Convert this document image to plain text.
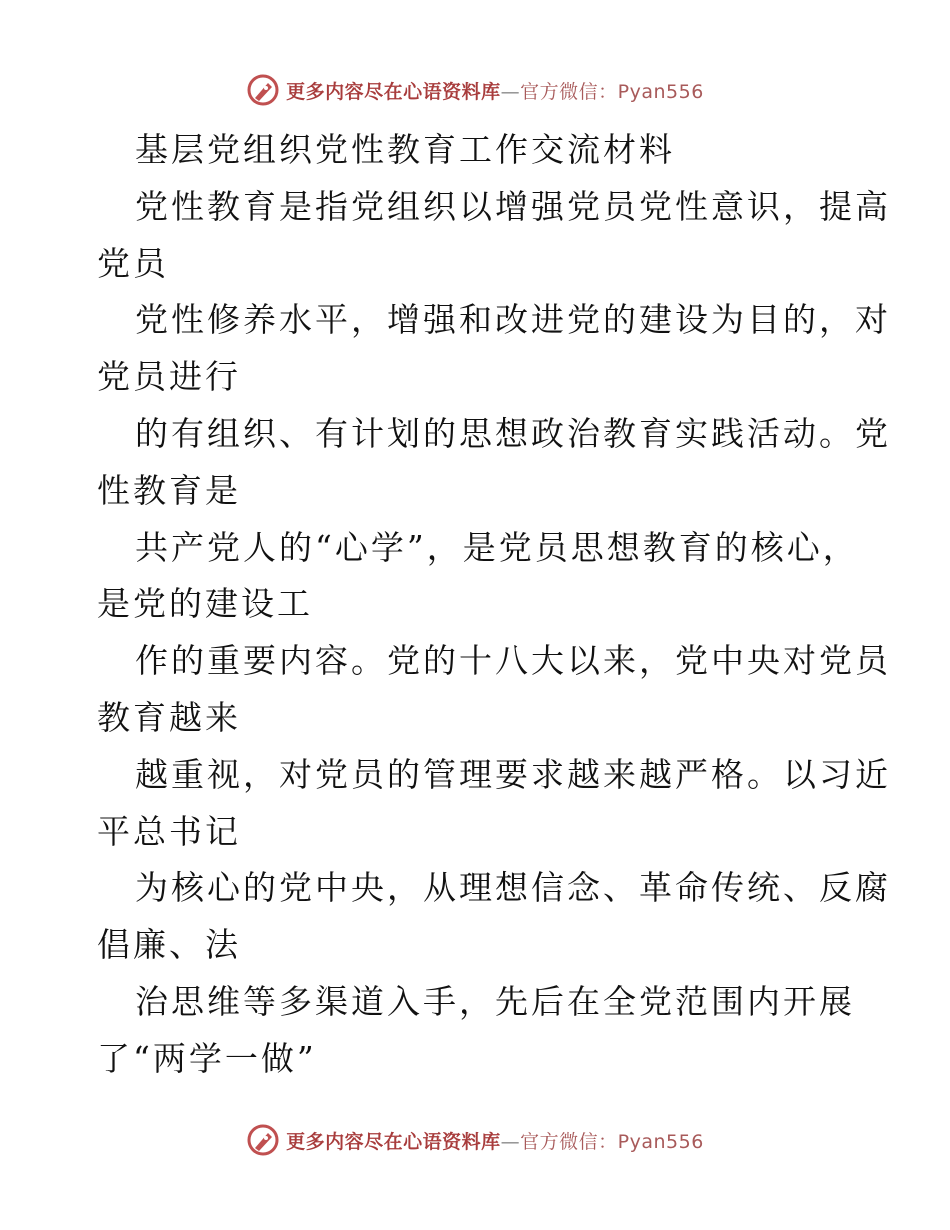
更多内容尽在心语资料库—官方微信：Pyan556
基层党组织党性教育工作交流材料
党性教育是指党组织以增强党员党性意识，提高
党员
党性修养水平，增强和改进党的建设为目的，对
党员进行
的有组织、有计划的思想政治教育实践活动。党
性教育是
共产党人的“心学”，是党员思想教育的核心，
是党的建设工
作的重要内容。党的十八大以来，党中央对党员
教育越来
越重视，对党员的管理要求越来越严格。以习近
平总书记
为核心的党中央，从理想信念、革命传统、反腐
倡廉、法
治思维等多渠道入手，先后在全党范围内开展
了“两学一做”
更多内容尽在心语资料库—官方微信：Pyan556
